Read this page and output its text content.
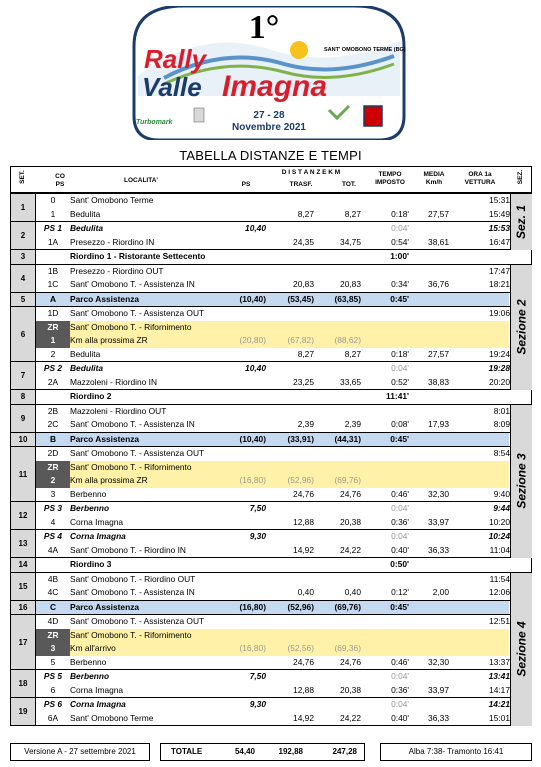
1°
Rally
Valle Imagna
SANT' OMOBONO TERME (BG)
27 - 28
Novembre 2021
Turbomark
TABELLA DISTANZE E TEMPI
SET.	CO PS
LOCALITA'
D I S T A N Z E K M
PS	TRASF.	TOT.
TEMPO IMPOSTO
MEDIA Km/h
ORA 1a VETTURA	SEZ.
1
0	Sant' Omobono Terme	15:31
1	Bedulita	8,27	8,27	0:18'	27,57	15:49
2
PS 1 Bedulita	10,40	0:04'	15:53
1A	Presezzo - Riordino IN	24,35	34,75	0:54'	38,61	16:47
3	Riordino 1 - Ristorante Settecento	1:00'
4
1B	Presezzo - Riordino OUT	17:47
1C	Sant' Omobono T. - Assistenza IN	20,83	20,83	0:34'	36,76	18:21
5	A	Parco Assistenza	(10,40)	(53,45)	(63,85)	0:45'
6
1D	Sant' Omobono T. - Assistenza OUT	19:06
ZR	Sant' Omobono T. - Rifornimento
1	Km alla prossima ZR	(20,80)	(67,82)	(88,62)
2	Bedulita	8,27	8,27	0:18'	27,57	19:24
7
PS 2 Bedulita	10,40	0:04'	19:28
2A	Mazzoleni - Riordino IN	23,25	33,65	0:52'	38,83	20:20
8	Riordino 2	11:41'
9
2B	Mazzoleni - Riordino OUT	8:01
2C	Sant' Omobono T. - Assistenza IN	2,39	2,39	0:08'	17,93	8:09
10	B	Parco Assistenza	(10,40)	(33,91)	(44,31)	0:45'
11
2D	Sant' Omobono T. - Assistenza OUT	8:54
ZR	Sant' Omobono T. - Rifornimento
2	Km alla prossima ZR	(16,80)	(52,96)	(69,76)
3	Berbenno	24,76	24,76	0:46'	32,30	9:40
12
PS 3 Berbenno	7,50	0:04'	9:44
4	Corna Imagna	12,88	20,38	0:36'	33,97	10:20
13
PS 4 Corna Imagna	9,30	0:04'	10:24
4A	Sant' Omobono T. - Riordino IN	14,92	24,22	0:40'	36,33	11:04
14	Riordino 3	0:50'
15
4B	Sant' Omobono T. - Riordino OUT	11:54
4C	Sant' Omobono T. - Assistenza IN	0,40	0,40	0:12'	2,00	12:06
16	C	Parco Assistenza	(16,80)	(52,96)	(69,76)	0:45'
17
4D	Sant' Omobono T. - Assistenza OUT	12:51
ZR	Sant' Omobono T. - Rifornimento
3	Km all'arrivo	(16,80)	(52,56)	(69,36)
5	Berbenno	24,76	24,76	0:46'	32,30	13:37
18
PS 5 Berbenno	7,50	0:04'	13:41
6	Corna Imagna	12,88	20,38	0:36'	33,97	14:17
19
PS 6 Corna Imagna	9,30	0:04'	14:21
6A	Sant' Omobono Terme	14,92	24,22	0:40'	36,33	15:01
Sez. 1
Sezione 2
Sezione 3
Sezione 4
Versione A - 27 settembre 2021	TOTALE	54,40	192,88	247,28	Alba 7:38- Tramonto 16:41
